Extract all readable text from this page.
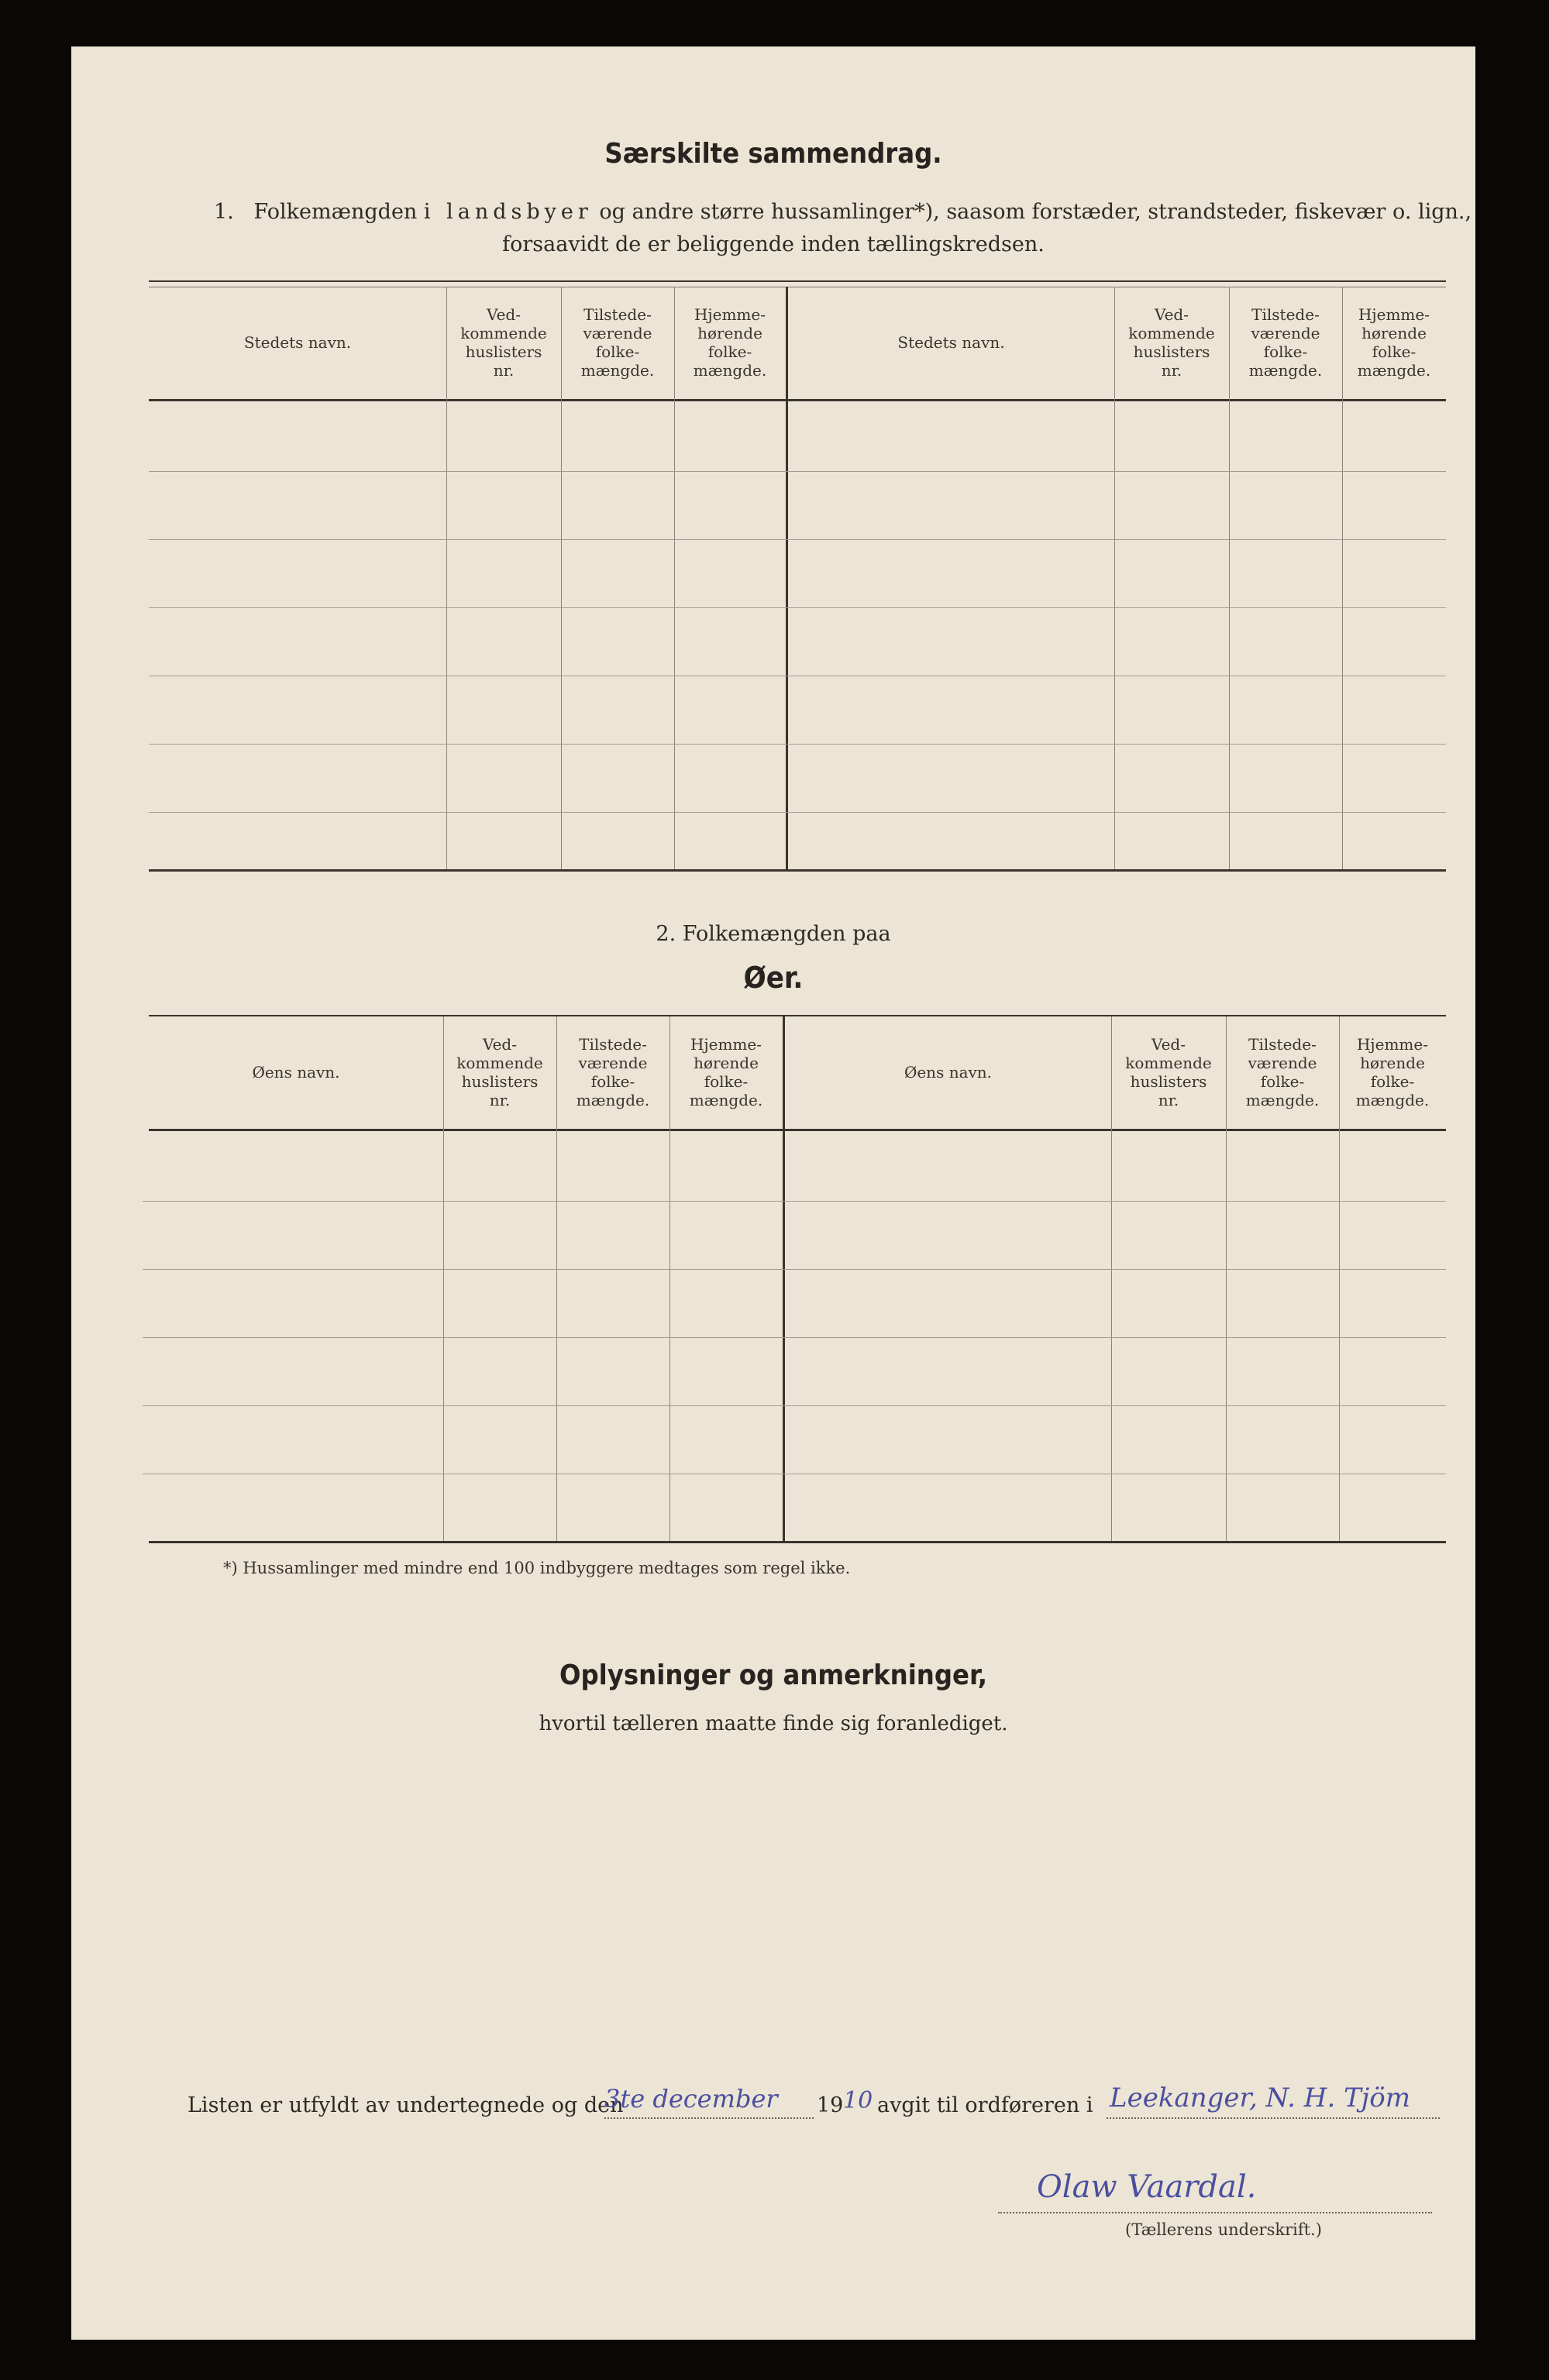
Særskilte sammendrag.
1. Folkemængden i landsbyer og andre større hussamlinger*), saasom forstæder, strandsteder, fiskevær o. lign.,
forsaavidt de er beliggende inden tællingskredsen.
Stedets navn.
Ved-
kommende
huslisters
nr.
Tilstede-
værende
folke-
mængde.
Hjemme-
hørende
folke-
mængde.
Stedets navn.
Ved-
kommende
huslisters
nr.
Tilstede-
værende
folke-
mængde.
Hjemme-
hørende
folke-
mængde.
2. Folkemængden paa
Øer.
Øens navn.
Ved-
kommende
huslisters
nr.
Tilstede-
værende
folke-
mængde.
Hjemme-
hørende
folke-
mængde.
Øens navn.
Ved-
kommende
huslisters
nr.
Tilstede-
værende
folke-
mængde.
Hjemme-
hørende
folke-
mængde.
*) Hussamlinger med mindre end 100 indbyggere medtages som regel ikke.
Oplysninger og anmerkninger,
hvortil tælleren maatte finde sig foranlediget.
Listen er utfyldt av undertegnede og den
3te december 19 10 avgit til ordføreren i Leekanger, N. H. Tjöm
Olaw Vaardal.
(Tællerens underskrift.)
